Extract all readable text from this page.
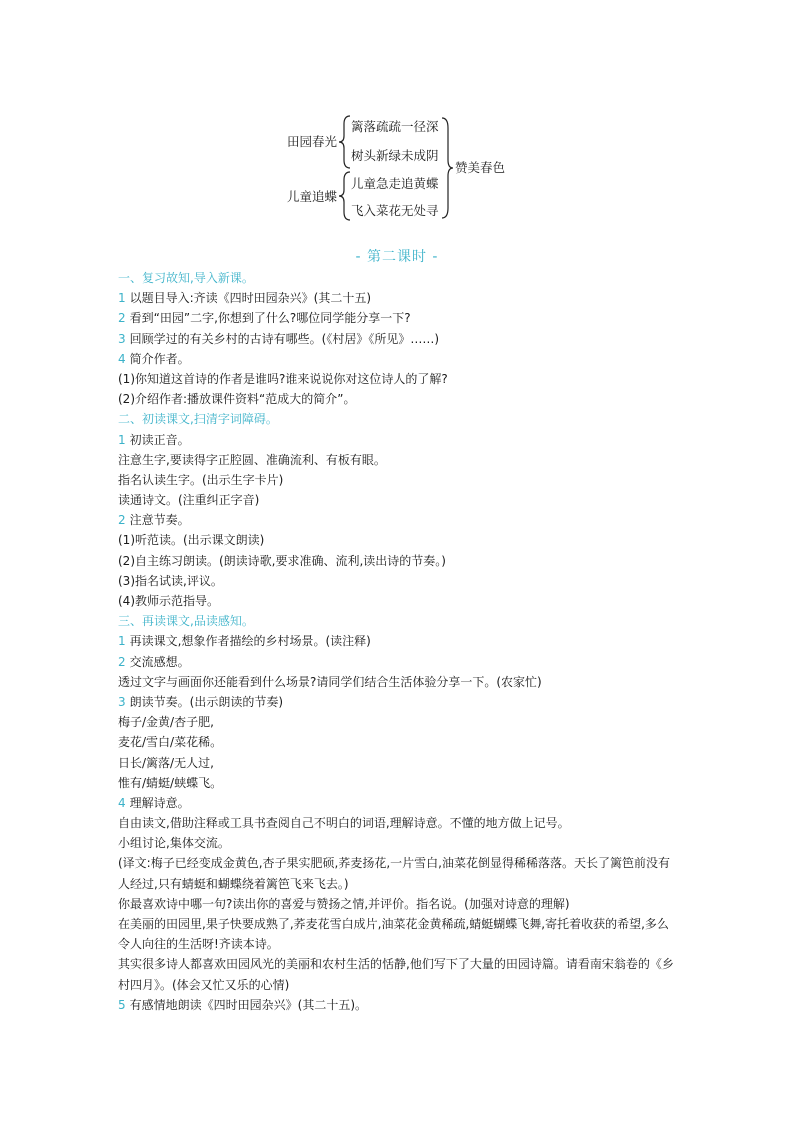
田园春光
儿童追蝶
篱落疏疏一径深
树头新绿未成阴
儿童急走追黄蝶
飞入菜花无处寻
赞美春色
- 第二课时 -
一、复习故知,导入新课。
1 以题目导入:齐读《四时田园杂兴》(其二十五)
2 看到“田园”二字,你想到了什么?哪位同学能分享一下?
3 回顾学过的有关乡村的古诗有哪些。(《村居》《所见》……)
4 简介作者。
(1)你知道这首诗的作者是谁吗?谁来说说你对这位诗人的了解?
(2)介绍作者:播放课件资料“范成大的简介”。
二、初读课文,扫清字词障碍。
1 初读正音。
注意生字,要读得字正腔圆、准确流利、有板有眼。
指名认读生字。(出示生字卡片)
读通诗文。(注重纠正字音)
2 注意节奏。
(1)听范读。(出示课文朗读)
(2)自主练习朗读。(朗读诗歌,要求准确、流利,读出诗的节奏。)
(3)指名试读,评议。
(4)教师示范指导。
三、再读课文,品读感知。
1 再读课文,想象作者描绘的乡村场景。(读注释)
2 交流感想。
透过文字与画面你还能看到什么场景?请同学们结合生活体验分享一下。(农家忙)
3 朗读节奏。(出示朗读的节奏)
梅子/金黄/杏子肥,
麦花/雪白/菜花稀。
日长/篱落/无人过,
惟有/蜻蜓/蛱蝶飞。
4 理解诗意。
自由读文,借助注释或工具书查阅自己不明白的词语,理解诗意。不懂的地方做上记号。
小组讨论,集体交流。
(译文:梅子已经变成金黄色,杏子果实肥硕,荞麦扬花,一片雪白,油菜花倒显得稀稀落落。天长了篱笆前没有人经过,只有蜻蜓和蝴蝶绕着篱笆飞来飞去。)
你最喜欢诗中哪一句?读出你的喜爱与赞扬之情,并评价。指名说。(加强对诗意的理解)
在美丽的田园里,果子快要成熟了,荞麦花雪白成片,油菜花金黄稀疏,蜻蜓蝴蝶飞舞,寄托着收获的希望,多么令人向往的生活呀!齐读本诗。
其实很多诗人都喜欢田园风光的美丽和农村生活的恬静,他们写下了大量的田园诗篇。请看南宋翁卷的《乡村四月》。(体会又忙又乐的心情)
5 有感情地朗读《四时田园杂兴》(其二十五)。
